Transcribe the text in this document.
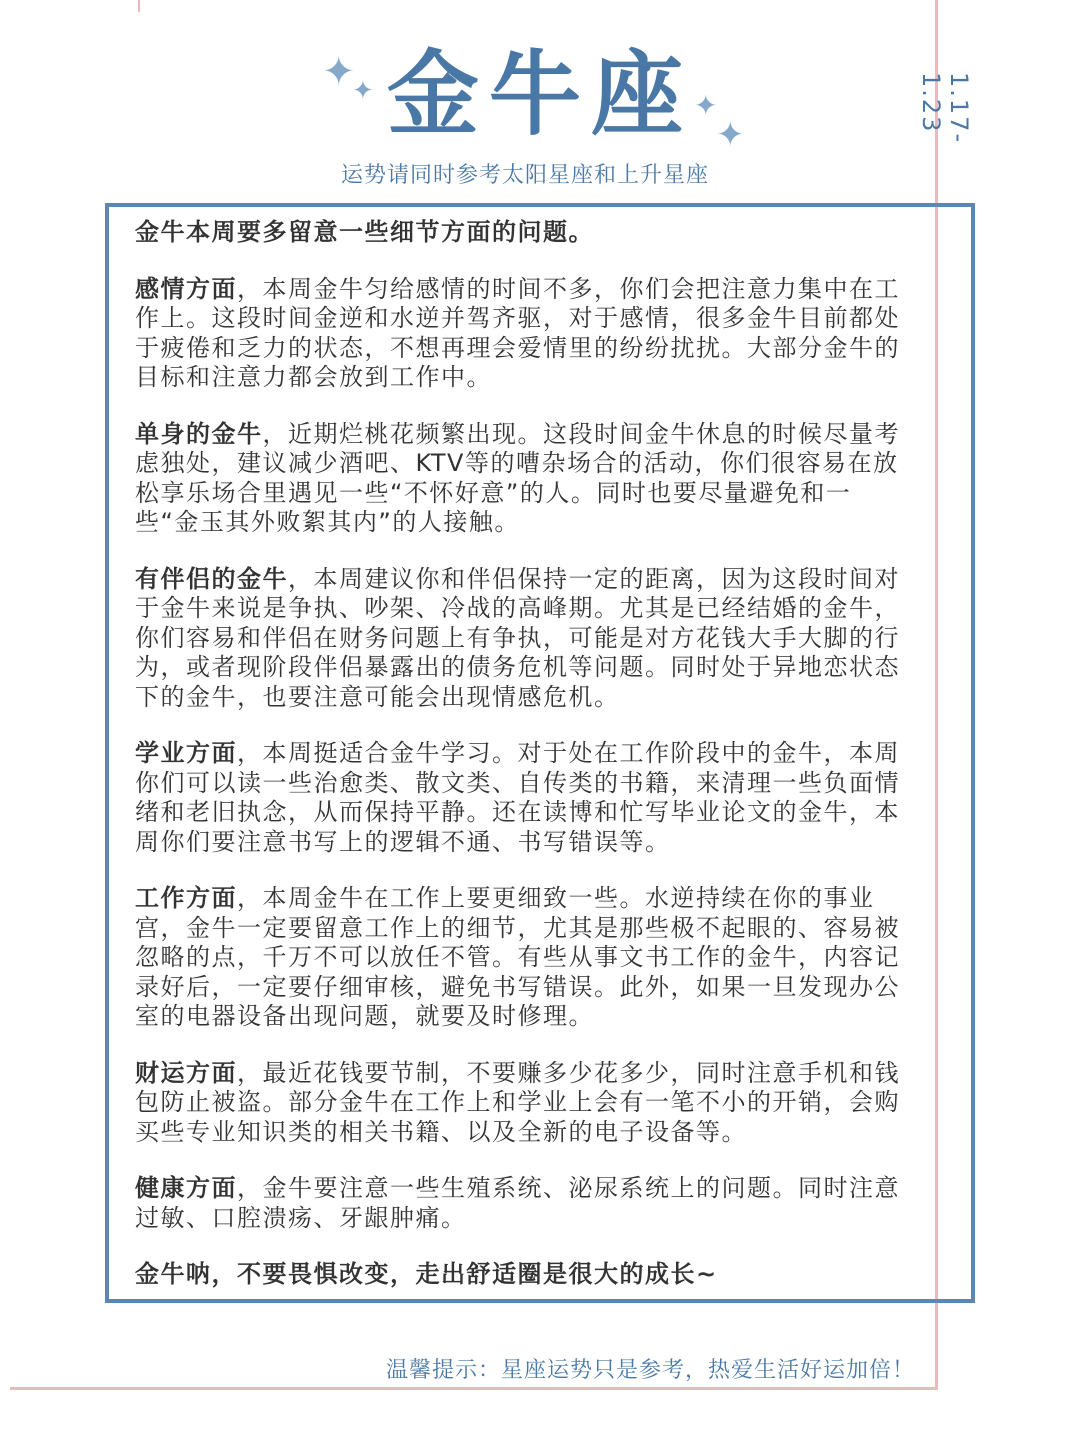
✦
✦	✦
✦
金牛座
运势请同时参考太阳星座和上升星座
1.17-1.23

金牛本周要多留意一些细节方面的问题。

感情方面，本周金牛匀给感情的时间不多，你们会把注意力集中在工作上。这段时间金逆和水逆并驾齐驱，对于感情，很多金牛目前都处于疲倦和乏力的状态，不想再理会爱情里的纷纷扰扰。大部分金牛的目标和注意力都会放到工作中。

单身的金牛，近期烂桃花频繁出现。这段时间金牛休息的时候尽量考虑独处，建议减少酒吧、KTV等的嘈杂场合的活动，你们很容易在放松享乐场合里遇见一些“不怀好意”的人。同时也要尽量避免和一些“金玉其外败絮其内”的人接触。

有伴侣的金牛，本周建议你和伴侣保持一定的距离，因为这段时间对于金牛来说是争执、吵架、冷战的高峰期。尤其是已经结婚的金牛，你们容易和伴侣在财务问题上有争执，可能是对方花钱大手大脚的行为，或者现阶段伴侣暴露出的债务危机等问题。同时处于异地恋状态下的金牛，也要注意可能会出现情感危机。

学业方面，本周挺适合金牛学习。对于处在工作阶段中的金牛，本周你们可以读一些治愈类、散文类、自传类的书籍，来清理一些负面情绪和老旧执念，从而保持平静。还在读博和忙写毕业论文的金牛，本周你们要注意书写上的逻辑不通、书写错误等。

工作方面，本周金牛在工作上要更细致一些。水逆持续在你的事业宫，金牛一定要留意工作上的细节，尤其是那些极不起眼的、容易被忽略的点，千万不可以放任不管。有些从事文书工作的金牛，内容记录好后，一定要仔细审核，避免书写错误。此外，如果一旦发现办公室的电器设备出现问题，就要及时修理。

财运方面，最近花钱要节制，不要赚多少花多少，同时注意手机和钱包防止被盗。部分金牛在工作上和学业上会有一笔不小的开销，会购买些专业知识类的相关书籍、以及全新的电子设备等。

健康方面，金牛要注意一些生殖系统、泌尿系统上的问题。同时注意过敏、口腔溃疡、牙龈肿痛。

金牛呐，不要畏惧改变，走出舒适圈是很大的成长~

温馨提示：星座运势只是参考，热爱生活好运加倍！
